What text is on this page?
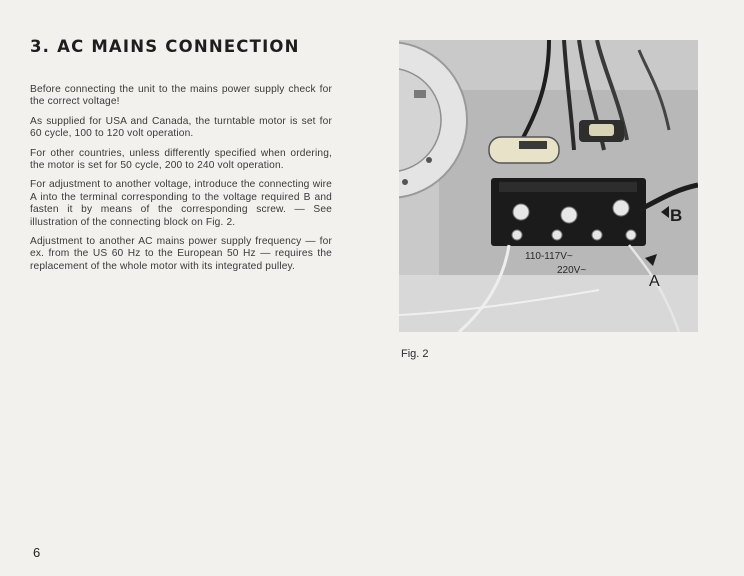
3. AC MAINS CONNECTION

Before connecting the unit to the mains power supply check for the correct voltage!

As supplied for USA and Canada, the turntable motor is set for 60 cycle, 100 to 120 volt operation.

For other countries, unless differently specified when ordering, the motor is set for 50 cycle, 200 to 240 volt operation.

For adjustment to another voltage, introduce the connecting wire A into the terminal corresponding to the voltage required B and fasten it by means of the corresponding screw. — See illustration of the connecting block on Fig. 2.

Adjustment to another AC mains power supply frequency — for ex. from the US 60 Hz to the European 50 Hz — requires the replacement of the whole motor with its integrated pulley.

110-117V~
220V~
B
A
Fig. 2
6
